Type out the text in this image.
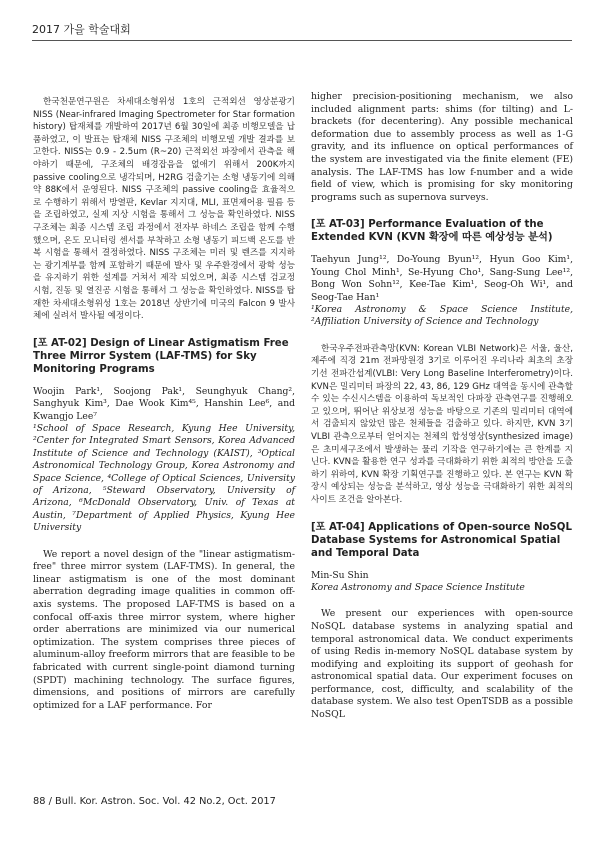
2017 가을 학술대회

한국천문연구원은 차세대소형위성 1호의 근적외선 영상분광기 NISS (Near-infrared Imaging Spectrometer for Star formation history) 탑재체를 개발하여 2017년 6월 30일에 최종 비행모델을 납품하였고, 이 발표는 탑재체 NISS 구조체의 비행모델 개발 결과를 보고한다. NISS는 0.9 - 2.5um (R~20) 근적외선 파장에서 관측을 해야하기 때문에, 구조체의 배경잡음을 없애기 위해서 200K까지 passive cooling으로 냉각되며, H2RG 검출기는 소형 냉동기에 의해 약 88K에서 운영된다. NISS 구조체의 passive cooling을 효율적으로 수행하기 위해서 방열판, Kevlar 지지대, MLI, 표면제어용 필름 등을 조립하였고, 실제 지상 시험을 통해서 그 성능을 확인하였다. NISS 구조체는 최종 시스템 조립 과정에서 전자부 하네스 조립을 함께 수행했으며, 온도 모니터링 센서를 부착하고 소형 냉동기 피드백 온도를 반복 시험을 통해서 결정하였다. NISS 구조체는 미러 및 렌즈를 지지하는 광기계부를 함께 포함하기 때문에 발사 및 우주환경에서 광학 성능을 유지하기 위한 설계를 거쳐서 제작 되었으며, 최종 시스템 검교정 시험, 진동 및 열진공 시험을 통해서 그 성능을 확인하였다. NISS를 탑재한 차세대소형위성 1호는 2018년 상반기에 미국의 Falcon 9 발사체에 실려서 발사될 예정이다.

[포 AT-02] Design of Linear Astigmatism Free Three Mirror System (LAF-TMS) for Sky Monitoring Programs

Woojin Park¹, Soojong Pak¹, Seunghyuk Chang², Sanghyuk Kim³, Dae Wook Kim⁴⁵, Hanshin Lee⁶, and Kwangjo Lee⁷

¹School of Space Research, Kyung Hee University, ²Center for Integrated Smart Sensors, Korea Advanced Institute of Science and Technology (KAIST), ³Optical Astronomical Technology Group, Korea Astronomy and Space Science, ⁴College of Optical Sciences, University of Arizona, ⁵Steward Observatory, University of Arizona, ⁶McDonald Observatory, Univ. of Texas at Austin, ⁷Department of Applied Physics, Kyung Hee University

We report a novel design of the "linear astigmatism-free" three mirror system (LAF-TMS). In general, the linear astigmatism is one of the most dominant aberration degrading image qualities in common off-axis systems. The proposed LAF-TMS is based on a confocal off-axis three mirror system, where higher order aberrations are minimized via our numerical optimization. The system comprises three pieces of aluminum-alloy freeform mirrors that are feasible to be fabricated with current single-point diamond turning (SPDT) machining technology. The surface figures, dimensions, and positions of mirrors are carefully optimized for a LAF performance. For

higher precision-positioning mechanism, we also included alignment parts: shims (for tilting) and L-brackets (for decentering). Any possible mechanical deformation due to assembly process as well as 1-G gravity, and its influence on optical performances of the system are investigated via the finite element (FE) analysis. The LAF-TMS has low f-number and a wide field of view, which is promising for sky monitoring programs such as supernova surveys.

[포 AT-03] Performance Evaluation of the Extended KVN (KVN 확장에 따른 예상성능 분석)

Taehyun Jung¹², Do-Young Byun¹², Hyun Goo Kim¹, Young Chol Minh¹, Se-Hyung Cho¹, Sang-Sung Lee¹², Bong Won Sohn¹², Kee-Tae Kim¹, Seog-Oh Wi¹, and Seog-Tae Han¹

¹Korea Astronomy & Space Science Institute, ²Affiliation University of Science and Technology

한국우주전파관측망(KVN: Korean VLBI Network)은 서울, 울산, 제주에 직경 21m 전파망원경 3기로 이루어진 우리나라 최초의 초장기선 전파간섭계(VLBI: Very Long Baseline Interferometry)이다. KVN은 밀리미터 파장의 22, 43, 86, 129 GHz 대역을 동시에 관측할 수 있는 수신시스템을 이용하여 독보적인 다파장 관측연구를 진행해오고 있으며, 뛰어난 위상보정 성능을 바탕으로 기존의 밀리미터 대역에서 검출되지 않았던 많은 천체들을 검출하고 있다. 하지만, KVN 3기 VLBI 관측으로부터 얻어지는 천체의 합성영상(synthesized image)은 초미세구조에서 발생하는 물리 기작을 연구하기에는 큰 한계를 지닌다. KVN을 활용한 연구 성과를 극대화하기 위한 최적의 방안을 도출하기 위하여, KVN 확장 기획연구를 진행하고 있다. 본 연구는 KVN 확장시 예상되는 성능을 분석하고, 영상 성능을 극대화하기 위한 최적의 사이트 조건을 알아본다.

[포 AT-04] Applications of Open-source NoSQL Database Systems for Astronomical Spatial and Temporal Data

Min-Su Shin

Korea Astronomy and Space Science Institute

We present our experiences with open-source NoSQL database systems in analyzing spatial and temporal astronomical data. We conduct experiments of using Redis in-memory NoSQL database system by modifying and exploiting its support of geohash for astronomical spatial data. Our experiment focuses on performance, cost, difficulty, and scalability of the database system. We also test OpenTSDB as a possible NoSQL

88 / Bull. Kor. Astron. Soc. Vol. 42 No.2, Oct. 2017
